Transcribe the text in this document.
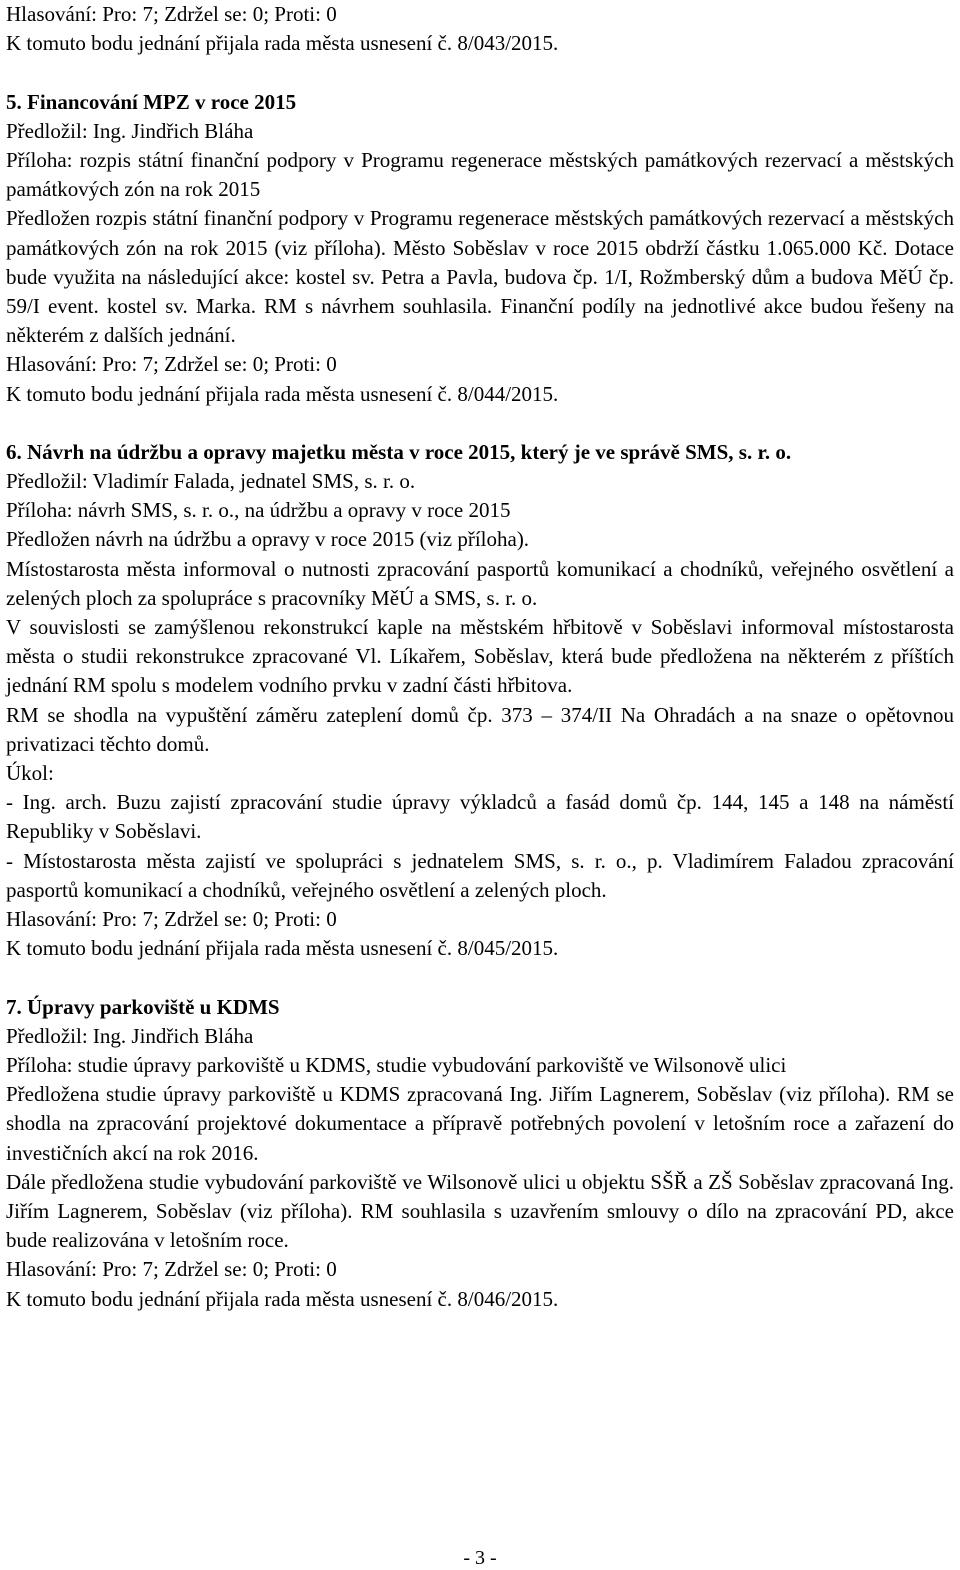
Hlasování: Pro: 7; Zdržel se: 0; Proti: 0
K tomuto bodu jednání přijala rada města usnesení č. 8/043/2015.
5. Financování MPZ v roce 2015
Předložil: Ing. Jindřich Bláha
Příloha: rozpis státní finanční podpory v Programu regenerace městských památkových rezervací a městských památkových zón na rok 2015
Předložen rozpis státní finanční podpory v Programu regenerace městských památkových rezervací a městských památkových zón na rok 2015 (viz příloha). Město Soběslav v roce 2015 obdrží částku 1.065.000 Kč. Dotace bude využita na následující akce: kostel sv. Petra a Pavla, budova čp. 1/I, Rožmberský dům a budova MěÚ čp. 59/I event. kostel sv. Marka. RM s návrhem souhlasila. Finanční podíly na jednotlivé akce budou řešeny na některém z dalších jednání.
Hlasování: Pro: 7; Zdržel se: 0; Proti: 0
K tomuto bodu jednání přijala rada města usnesení č. 8/044/2015.
6. Návrh na údržbu a opravy majetku města v roce 2015, který je ve správě SMS, s. r. o.
Předložil: Vladimír Falada, jednatel SMS, s. r. o.
Příloha: návrh SMS, s. r. o., na údržbu a opravy v roce 2015
Předložen návrh na údržbu a opravy v roce 2015 (viz příloha).
Místostarosta města informoval o nutnosti zpracování pasportů komunikací a chodníků, veřejného osvětlení a zelených ploch za spolupráce s pracovníky MěÚ a SMS, s. r. o.
V souvislosti se zamýšlenou rekonstrukcí kaple na městském hřbitově v Soběslavi informoval místostarosta města o studii rekonstrukce zpracované Vl. Líkařem, Soběslav, která bude předložena na některém z příštích jednání RM spolu s modelem vodního prvku v zadní části hřbitova.
RM se shodla na vypuštění záměru zateplení domů čp. 373 – 374/II Na Ohradách a na snaze o opětovnou privatizaci těchto domů.
Úkol:
- Ing. arch. Buzu zajistí zpracování studie úpravy výkladců a fasád domů čp. 144, 145 a 148 na náměstí Republiky v Soběslavi.
- Místostarosta města zajistí ve spolupráci s jednatelem SMS, s. r. o., p. Vladimírem Faladou zpracování pasportů komunikací a chodníků, veřejného osvětlení a zelených ploch.
Hlasování: Pro: 7; Zdržel se: 0; Proti: 0
K tomuto bodu jednání přijala rada města usnesení č. 8/045/2015.
7. Úpravy parkoviště u KDMS
Předložil: Ing. Jindřich Bláha
Příloha: studie úpravy parkoviště u KDMS, studie vybudování parkoviště ve Wilsonově ulici
Předložena studie úpravy parkoviště u KDMS zpracovaná Ing. Jiřím Lagnerem, Soběslav (viz příloha). RM se shodla na zpracování projektové dokumentace a přípravě potřebných povolení v letošním roce a zařazení do investičních akcí na rok 2016.
Dále předložena studie vybudování parkoviště ve Wilsonově ulici u objektu SŠŘ a ZŠ Soběslav zpracovaná Ing. Jiřím Lagnerem, Soběslav (viz příloha). RM souhlasila s uzavřením smlouvy o dílo na zpracování PD, akce bude realizována v letošním roce.
Hlasování: Pro: 7; Zdržel se: 0; Proti: 0
K tomuto bodu jednání přijala rada města usnesení č. 8/046/2015.
- 3 -
